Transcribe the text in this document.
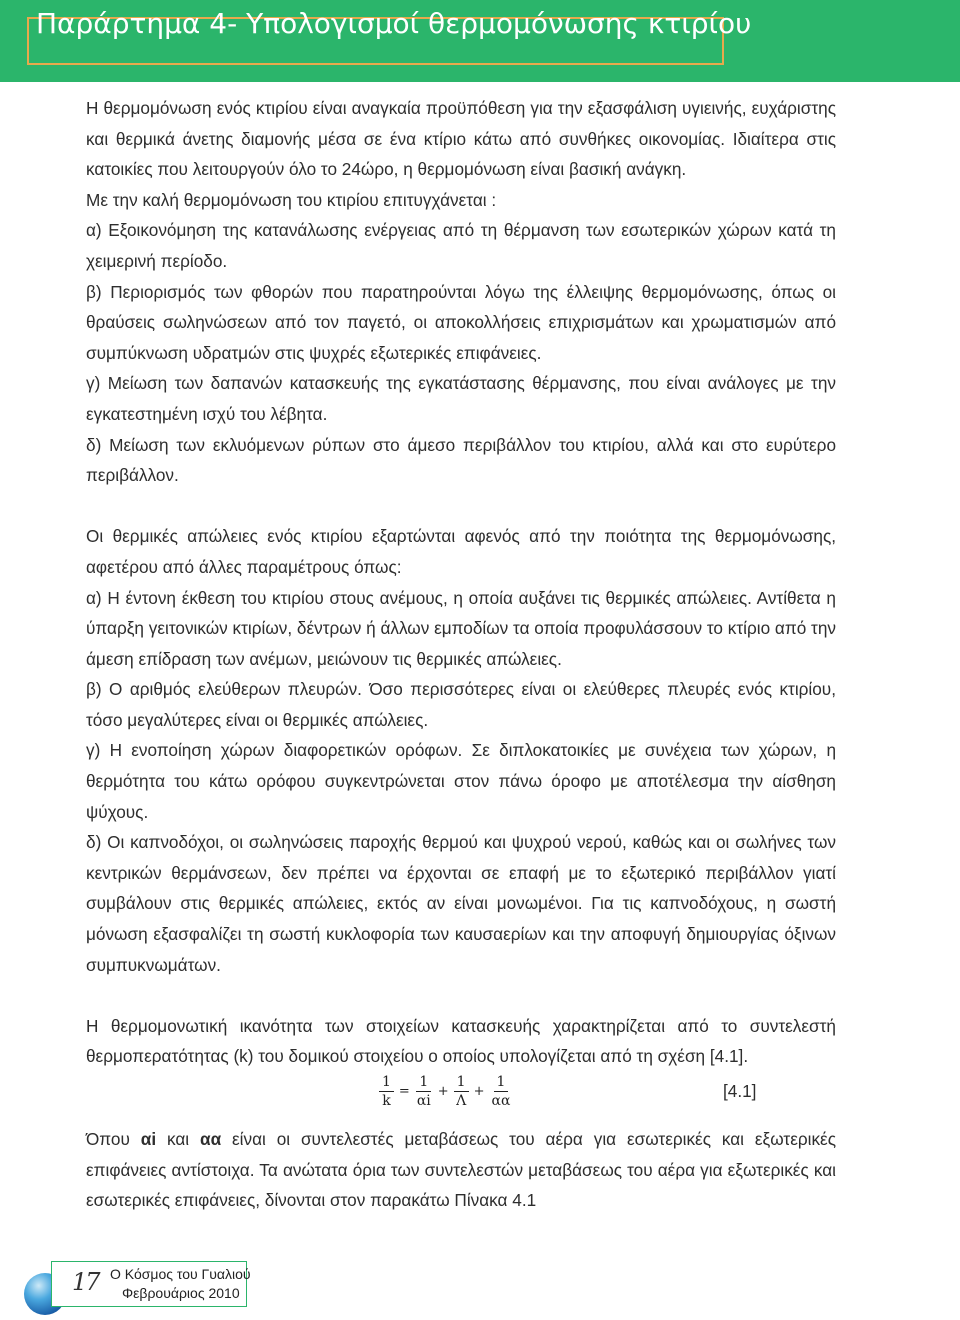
Παράρτημα 4- Υπολογισμοί θερμομόνωσης κτιρίου

Η θερμομόνωση ενός κτιρίου είναι αναγκαία προϋπόθεση για την εξασφάλιση υγιεινής, ευχάριστης και θερμικά άνετης διαμονής μέσα σε ένα κτίριο κάτω από συνθήκες οικονομίας. Ιδιαίτερα στις κατοικίες που λειτουργούν όλο το 24ώρο, η θερμομόνωση είναι βασική ανάγκη.

Με την καλή θερμομόνωση του κτιρίου επιτυγχάνεται :

α) Εξοικονόμηση της κατανάλωσης ενέργειας από τη θέρμανση των εσωτερικών χώρων κατά τη χειμερινή περίοδο.

β) Περιορισμός των φθορών που παρατηρούνται λόγω της έλλειψης θερμομόνωσης, όπως οι θραύσεις σωληνώσεων από τον παγετό, οι αποκολλήσεις επιχρισμάτων και χρωματισμών από συμπύκνωση υδρατμών στις ψυχρές εξωτερικές επιφάνειες.

γ) Μείωση των δαπανών κατασκευής της εγκατάστασης θέρμανσης, που είναι ανάλογες με την εγκατεστημένη ισχύ του λέβητα.

δ) Μείωση των εκλυόμενων ρύπων στο άμεσο περιβάλλον του κτιρίου, αλλά και στο ευρύτερο περιβάλλον.

Οι θερμικές απώλειες ενός κτιρίου εξαρτώνται αφενός από την ποιότητα της θερμομόνωσης, αφετέρου από άλλες παραμέτρους όπως:

α) Η έντονη έκθεση του κτιρίου στους ανέμους, η οποία αυξάνει τις θερμικές απώλειες. Αντίθετα η ύπαρξη γειτονικών κτιρίων, δέντρων ή άλλων εμποδίων τα οποία προφυλάσσουν το κτίριο από την άμεση επίδραση των ανέμων, μειώνουν τις θερμικές απώλειες.

β) Ο αριθμός ελεύθερων πλευρών. Όσο περισσότερες είναι οι ελεύθερες πλευρές ενός κτιρίου, τόσο μεγαλύτερες είναι οι θερμικές απώλειες.

γ) Η ενοποίηση χώρων διαφορετικών ορόφων. Σε διπλοκατοικίες με συνέχεια των χώρων, η θερμότητα του κάτω ορόφου συγκεντρώνεται στον πάνω όροφο με αποτέλεσμα την αίσθηση ψύχους.

δ) Οι καπνοδόχοι, οι σωληνώσεις παροχής θερμού και ψυχρού νερού, καθώς και οι σωλήνες των κεντρικών θερμάνσεων, δεν πρέπει να έρχονται σε επαφή με το εξωτερικό περιβάλλον γιατί συμβάλουν στις θερμικές απώλειες, εκτός αν είναι μονωμένοι. Για τις καπνοδόχους, η σωστή μόνωση εξασφαλίζει τη σωστή κυκλοφορία των καυσαερίων και την αποφυγή δημιουργίας όξινων συμπυκνωμάτων.

Η θερμομονωτική ικανότητα των στοιχείων κατασκευής χαρακτηρίζεται από το συντελεστή θερμοπερατότητας (k) του δομικού στοιχείου ο οποίος υπολογίζεται από τη σχέση [4.1].

$\frac{1}{k} = \frac{1}{\alpha i} + \frac{1}{\Lambda} + \frac{1}{\alpha\alpha}$	[4.1]

Όπου αi και αα είναι οι συντελεστές μεταβάσεως του αέρα για εσωτερικές και εξωτερικές επιφάνειες αντίστοιχα. Τα ανώτατα όρια των συντελεστών μεταβάσεως του αέρα για εξωτερικές και εσωτερικές επιφάνειες, δίνονται στον παρακάτω Πίνακα 4.1

17 Ο Κόσμος του Γυαλιού
Φεβρουάριος 2010
